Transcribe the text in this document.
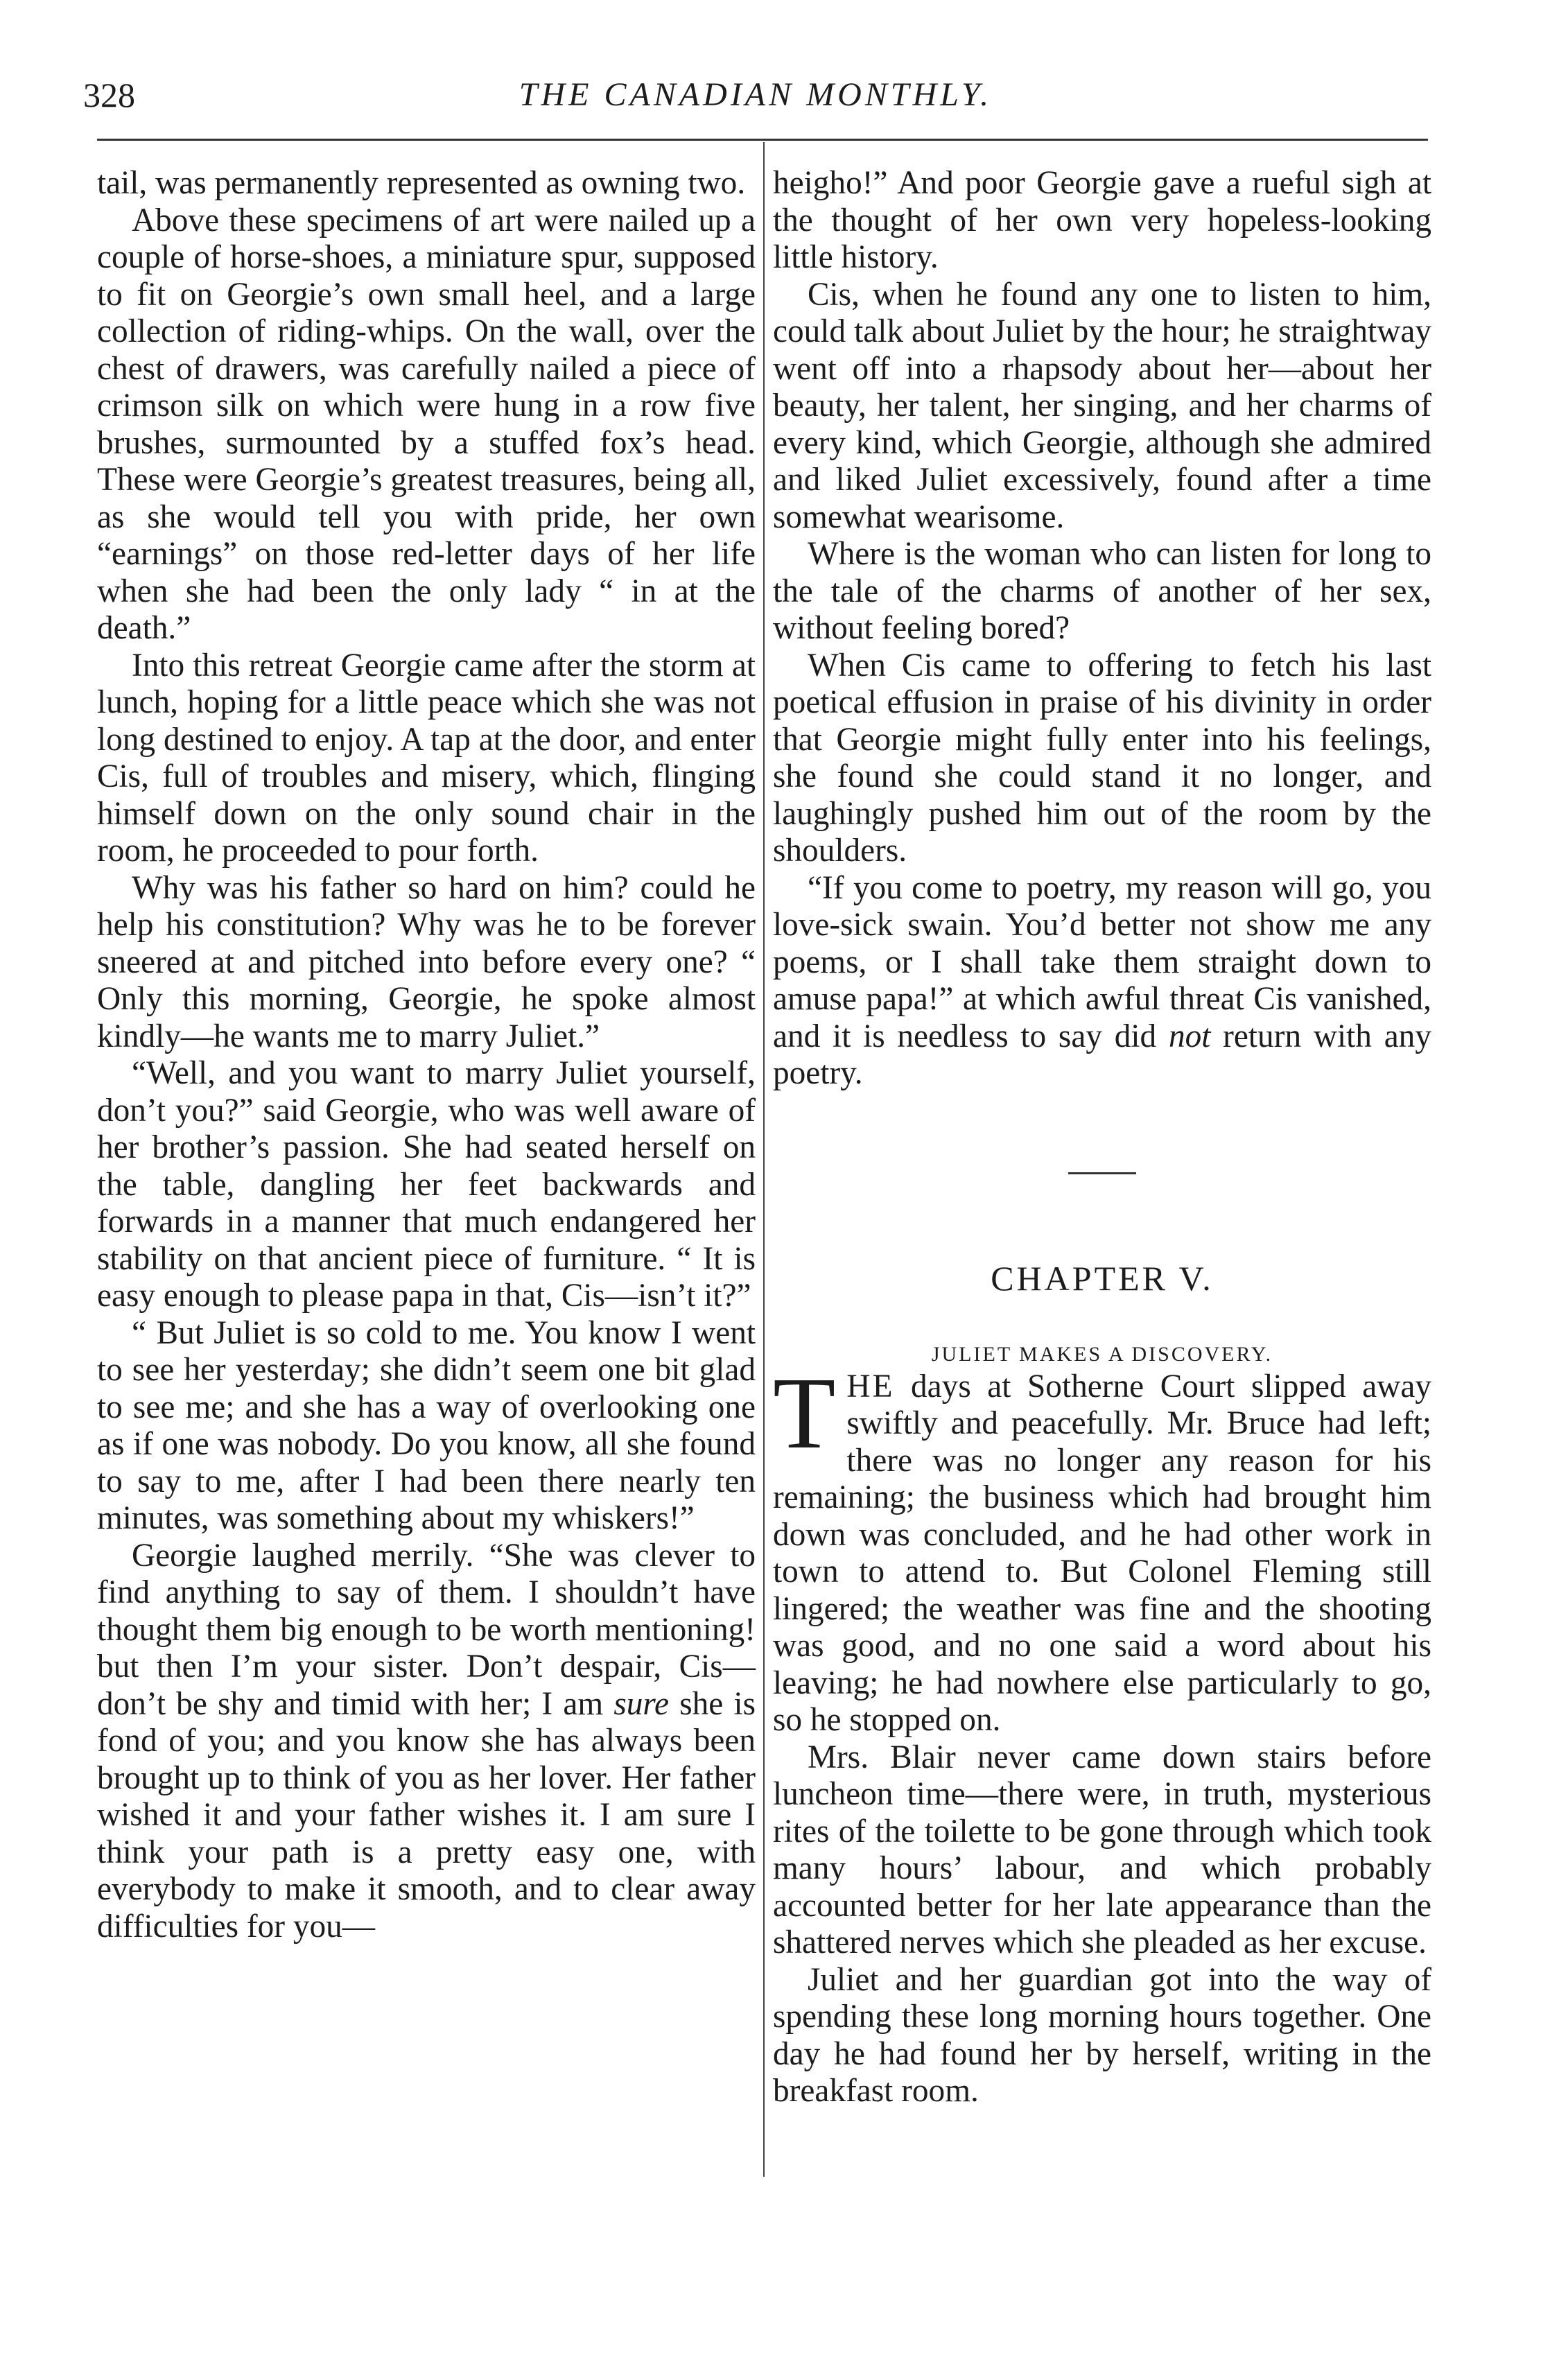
328	THE CANADIAN MONTHLY.

tail, was permanently represented as owning two.

Above these specimens of art were nailed up a couple of horse-shoes, a miniature spur, supposed to fit on Georgie’s own small heel, and a large collection of riding-whips. On the wall, over the chest of drawers, was carefully nailed a piece of crimson silk on which were hung in a row five brushes, surmounted by a stuffed fox’s head. These were Georgie’s greatest treasures, being all, as she would tell you with pride, her own “earnings” on those red-letter days of her life when she had been the only lady “ in at the death.”

Into this retreat Georgie came after the storm at lunch, hoping for a little peace which she was not long destined to enjoy. A tap at the door, and enter Cis, full of troubles and misery, which, flinging himself down on the only sound chair in the room, he proceeded to pour forth.

Why was his father so hard on him? could he help his constitution? Why was he to be forever sneered at and pitched into before every one? “ Only this morning, Georgie, he spoke almost kindly—he wants me to marry Juliet.”

“Well, and you want to marry Juliet yourself, don’t you?” said Georgie, who was well aware of her brother’s passion. She had seated herself on the table, dangling her feet backwards and forwards in a manner that much endangered her stability on that ancient piece of furniture. “ It is easy enough to please papa in that, Cis—isn’t it?”

“ But Juliet is so cold to me. You know I went to see her yesterday; she didn’t seem one bit glad to see me; and she has a way of overlooking one as if one was nobody. Do you know, all she found to say to me, after I had been there nearly ten minutes, was something about my whiskers!”

Georgie laughed merrily. “She was clever to find anything to say of them. I shouldn’t have thought them big enough to be worth mentioning! but then I’m your sister. Don’t despair, Cis—don’t be shy and timid with her; I am sure she is fond of you; and you know she has always been brought up to think of you as her lover. Her father wished it and your father wishes it. I am sure I think your path is a pretty easy one, with everybody to make it smooth, and to clear away difficulties for you—

heigho!” And poor Georgie gave a rueful sigh at the thought of her own very hopeless-looking little history.

Cis, when he found any one to listen to him, could talk about Juliet by the hour; he straightway went off into a rhapsody about her—about her beauty, her talent, her singing, and her charms of every kind, which Georgie, although she admired and liked Juliet excessively, found after a time somewhat wearisome.

Where is the woman who can listen for long to the tale of the charms of another of her sex, without feeling bored?

When Cis came to offering to fetch his last poetical effusion in praise of his divinity in order that Georgie might fully enter into his feelings, she found she could stand it no longer, and laughingly pushed him out of the room by the shoulders.

“If you come to poetry, my reason will go, you love-sick swain. You’d better not show me any poems, or I shall take them straight down to amuse papa!” at which awful threat Cis vanished, and it is needless to say did not return with any poetry.

CHAPTER V.
JULIET MAKES A DISCOVERY.

THE days at Sotherne Court slipped away swiftly and peacefully. Mr. Bruce had left; there was no longer any reason for his remaining; the business which had brought him down was concluded, and he had other work in town to attend to. But Colonel Fleming still lingered; the weather was fine and the shooting was good, and no one said a word about his leaving; he had nowhere else particularly to go, so he stopped on.

Mrs. Blair never came down stairs before luncheon time—there were, in truth, mysterious rites of the toilette to be gone through which took many hours’ labour, and which probably accounted better for her late appearance than the shattered nerves which she pleaded as her excuse.

Juliet and her guardian got into the way of spending these long morning hours together. One day he had found her by herself, writing in the breakfast room.
